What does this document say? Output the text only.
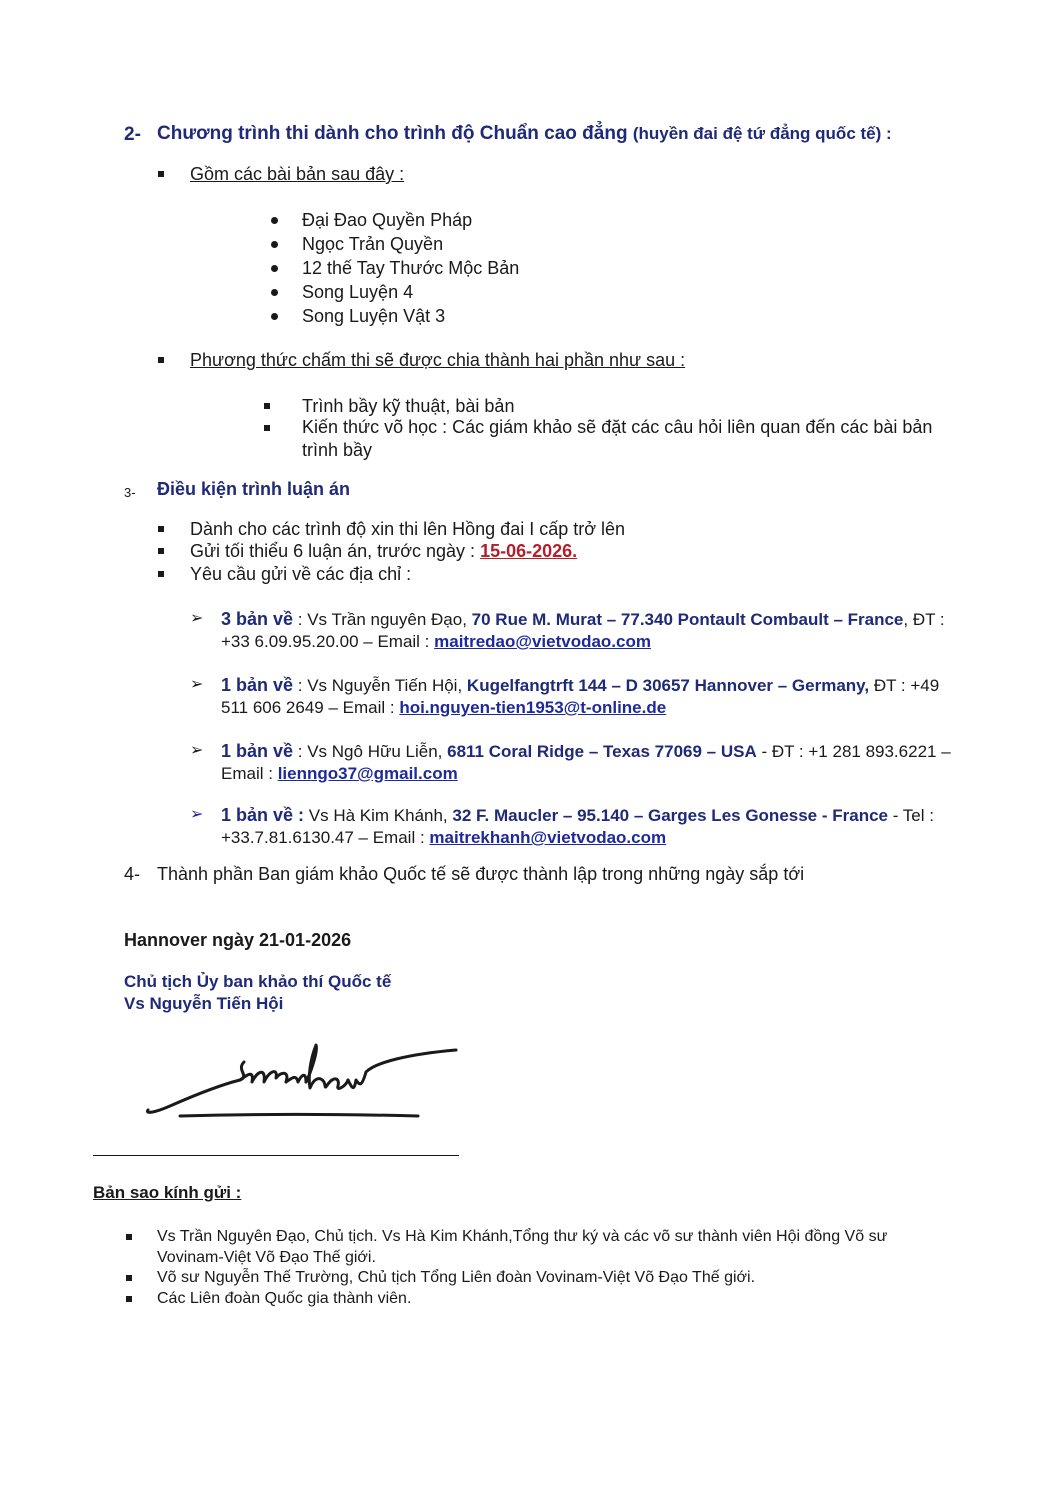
2- Chương trình thi dành cho trình độ Chuẩn cao đẳng (huyền đai đệ tứ đẳng quốc tế) :
Gồm các bài bản sau đây :
Đại Đao Quyền Pháp
Ngọc Trản Quyền
12 thế Tay Thước Mộc Bản
Song Luyện 4
Song Luyện Vật 3
Phương thức chấm thi sẽ được chia thành hai phần như sau :
Trình bầy kỹ thuật, bài bản
Kiến thức võ học : Các giám khảo sẽ đặt các câu hỏi liên quan đến các bài bản trình bầy
3- Điều kiện trình luận án
Dành cho các trình độ xin thi lên Hồng đai I cấp trở lên
Gửi tối thiểu 6 luận án, trước ngày : 15-06-2026.
Yêu cầu gửi về các địa chỉ :
➢ 3 bản về : Vs Trần nguyên Đạo, 70 Rue M. Murat – 77.340 Pontault Combault – France, ĐT : +33 6.09.95.20.00 – Email : maitredao@vietvodao.com
➢ 1 bản về : Vs Nguyễn Tiến Hội, Kugelfangtrft 144 – D 30657 Hannover – Germany, ĐT : +49 511 606 2649 – Email : hoi.nguyen-tien1953@t-online.de
➢ 1 bản về : Vs Ngô Hữu Liễn, 6811 Coral Ridge – Texas 77069 – USA - ĐT : +1 281 893.6221 – Email : lienngo37@gmail.com
➢ 1 bản về : Vs Hà Kim Khánh, 32 F. Maucler – 95.140 – Garges Les Gonesse - France - Tel : +33.7.81.6130.47 – Email : maitrekhanh@vietvodao.com
4- Thành phần Ban giám khảo Quốc tế sẽ được thành lập trong những ngày sắp tới
Hannover ngày 21-01-2026
Chủ tịch Ủy ban khảo thí Quốc tế
Vs Nguyễn Tiến Hội
Bản sao kính gửi :
Vs Trần Nguyên Đạo, Chủ tịch. Vs Hà Kim Khánh,Tổng thư ký và các võ sư thành viên Hội đồng Võ sư Vovinam-Việt Võ Đạo Thế giới.
Võ sư Nguyễn Thế Trường, Chủ tịch Tổng Liên đoàn Vovinam-Việt Võ Đạo Thế giới.
Các Liên đoàn Quốc gia thành viên.
